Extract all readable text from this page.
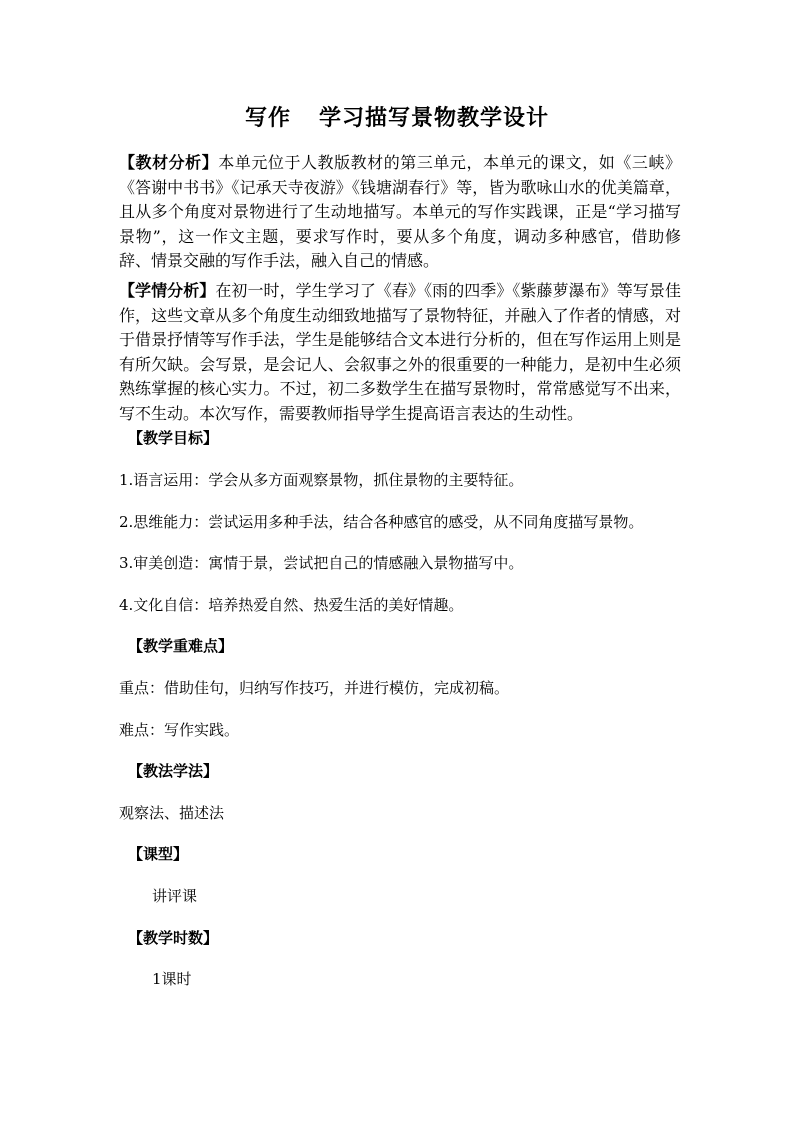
写作 学习描写景物教学设计
【教材分析】本单元位于人教版教材的第三单元，本单元的课文，如《三峡》《答谢中书书》《记承天寺夜游》《钱塘湖春行》等，皆为歌咏山水的优美篇章，且从多个角度对景物进行了生动地描写。本单元的写作实践课，正是“学习描写景物”，这一作文主题，要求写作时，要从多个角度，调动多种感官，借助修辞、情景交融的写作手法，融入自己的情感。
【学情分析】在初一时，学生学习了《春》《雨的四季》《紫藤萝瀑布》等写景佳作，这些文章从多个角度生动细致地描写了景物特征，并融入了作者的情感，对于借景抒情等写作手法，学生是能够结合文本进行分析的，但在写作运用上则是有所欠缺。会写景，是会记人、会叙事之外的很重要的一种能力，是初中生必须熟练掌握的核心实力。不过，初二多数学生在描写景物时，常常感觉写不出来，写不生动。本次写作，需要教师指导学生提高语言表达的生动性。
【教学目标】
1.语言运用：学会从多方面观察景物，抓住景物的主要特征。
2.思维能力：尝试运用多种手法，结合各种感官的感受，从不同角度描写景物。
3.审美创造：寓情于景，尝试把自己的情感融入景物描写中。
4.文化自信：培养热爱自然、热爱生活的美好情趣。
【教学重难点】
重点：借助佳句，归纳写作技巧，并进行模仿，完成初稿。
难点：写作实践。
【教法学法】
观察法、描述法
【课型】
讲评课
【教学时数】
1课时
